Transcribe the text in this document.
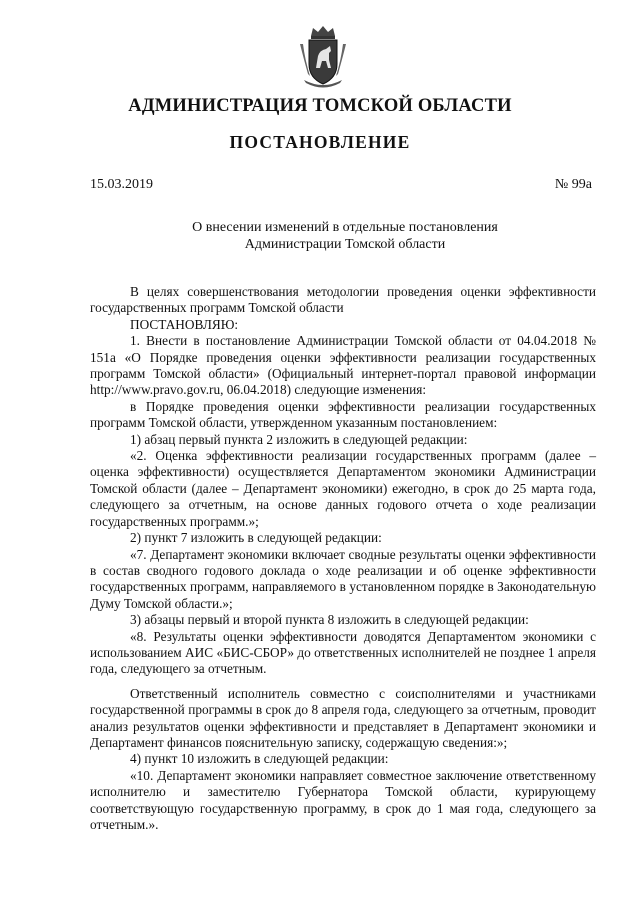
АДМИНИСТРАЦИЯ ТОМСКОЙ ОБЛАСТИ
ПОСТАНОВЛЕНИЕ
15.03.2019	№ 99а
О внесении изменений в отдельные постановления
Администрации Томской области

В целях совершенствования методологии проведения оценки эффективности государственных программ Томской области

ПОСТАНОВЛЯЮ:

1. Внести в постановление Администрации Томской области от 04.04.2018 № 151а «О Порядке проведения оценки эффективности реализации государственных программ Томской области» (Официальный интернет-портал правовой информации http://www.pravo.gov.ru, 06.04.2018) следующие изменения:

в Порядке проведения оценки эффективности реализации государственных программ Томской области, утвержденном указанным постановлением:

1) абзац первый пункта 2 изложить в следующей редакции:

«2. Оценка эффективности реализации государственных программ (далее – оценка эффективности) осуществляется Департаментом экономики Администрации Томской области (далее – Департамент экономики) ежегодно, в срок до 25 марта года, следующего за отчетным, на основе данных годового отчета о ходе реализации государственных программ.»;

2) пункт 7 изложить в следующей редакции:

«7. Департамент экономики включает сводные результаты оценки эффективности в состав сводного годового доклада о ходе реализации и об оценке эффективности государственных программ, направляемого в установленном порядке в Законодательную Думу Томской области.»;

3) абзацы первый и второй пункта 8 изложить в следующей редакции:

«8. Результаты оценки эффективности доводятся Департаментом экономики с использованием АИС «БИС-СБОР» до ответственных исполнителей не позднее 1 апреля года, следующего за отчетным.

Ответственный исполнитель совместно с соисполнителями и участниками государственной программы в срок до 8 апреля года, следующего за отчетным, проводит анализ результатов оценки эффективности и представляет в Департамент экономики и Департамент финансов пояснительную записку, содержащую сведения:»;

4) пункт 10 изложить в следующей редакции:

«10. Департамент экономики направляет совместное заключение ответственному исполнителю и заместителю Губернатора Томской области, курирующему соответствующую государственную программу, в срок до 1 мая года, следующего за отчетным.».
